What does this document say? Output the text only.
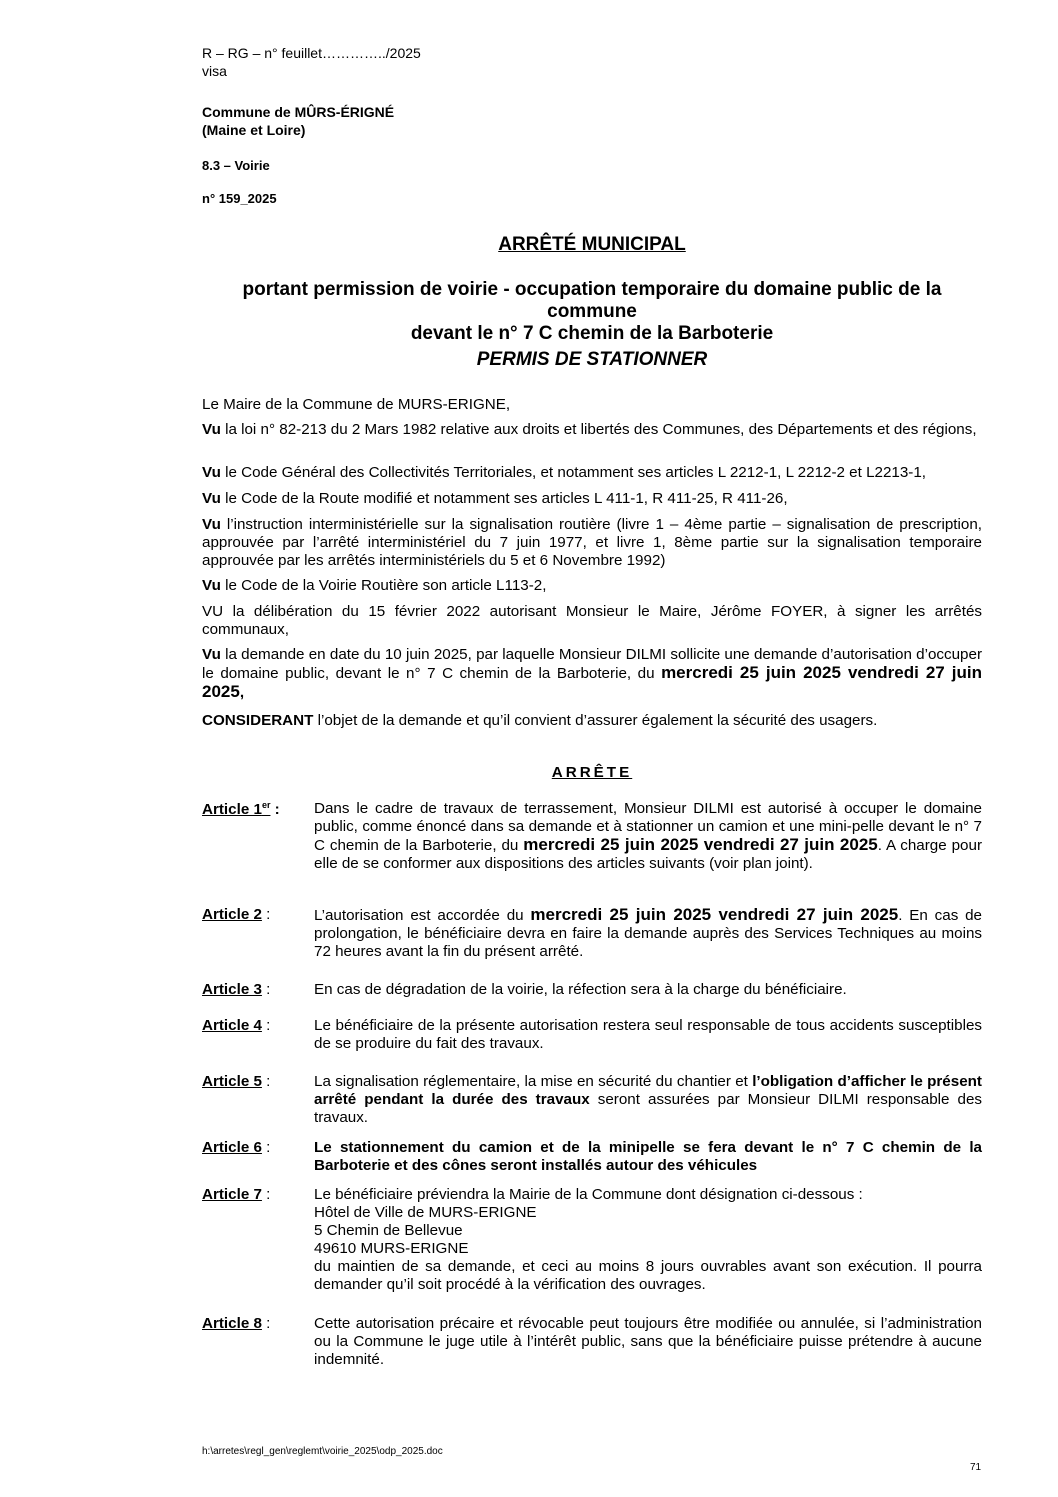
R – RG – n° feuillet…………../2025
visa
Commune de MÛRS-ÉRIGNÉ
(Maine et Loire)
8.3 – Voirie
n° 159_2025
ARRÊTÉ MUNICIPAL
portant permission de voirie - occupation temporaire du domaine public de la commune
devant le n° 7 C chemin de la Barboterie
PERMIS DE STATIONNER
Le Maire de la Commune de MURS-ERIGNE,
Vu la loi n° 82-213 du 2 Mars 1982 relative aux droits et libertés des Communes, des Départements et des régions,
Vu le Code Général des Collectivités Territoriales, et notamment ses articles L 2212-1, L 2212-2 et L2213-1,
Vu le Code de la Route modifié et notamment ses articles L 411-1, R 411-25, R 411-26,
Vu l’instruction interministérielle sur la signalisation routière (livre 1 – 4ème partie – signalisation de prescription, approuvée par l’arrêté interministériel du 7 juin 1977, et livre 1, 8ème partie sur la signalisation temporaire approuvée par les arrêtés interministériels du 5 et 6 Novembre 1992)
Vu le Code de la Voirie Routière son article L113-2,
VU la délibération du 15 février 2022 autorisant Monsieur le Maire, Jérôme FOYER, à signer les arrêtés communaux,
Vu la demande en date du 10 juin 2025, par laquelle Monsieur DILMI sollicite une demande d’autorisation d’occuper le domaine public, devant le n° 7 C chemin de la Barboterie, du mercredi 25 juin 2025 vendredi 27 juin 2025,
CONSIDERANT l’objet de la demande et qu’il convient d’assurer également la sécurité des usagers.
ARRÊTE
Article 1er :	Dans le cadre de travaux de terrassement, Monsieur DILMI est autorisé à occuper le domaine public, comme énoncé dans sa demande et à stationner un camion et une mini-pelle devant le n° 7 C chemin de la Barboterie, du mercredi 25 juin 2025 vendredi 27 juin 2025. A charge pour elle de se conformer aux dispositions des articles suivants (voir plan joint).
Article 2 :	L’autorisation est accordée du mercredi 25 juin 2025 vendredi 27 juin 2025. En cas de prolongation, le bénéficiaire devra en faire la demande auprès des Services Techniques au moins 72 heures avant la fin du présent arrêté.
Article 3 :	En cas de dégradation de la voirie, la réfection sera à la charge du bénéficiaire.
Article 4 :	Le bénéficiaire de la présente autorisation restera seul responsable de tous accidents susceptibles de se produire du fait des travaux.
Article 5 :	La signalisation réglementaire, la mise en sécurité du chantier et l’obligation d’afficher le présent arrêté pendant la durée des travaux seront assurées par Monsieur DILMI responsable des travaux.
Article 6 :	Le stationnement du camion et de la minipelle se fera devant le n° 7 C chemin de la Barboterie et des cônes seront installés autour des véhicules
Article 7 :	Le bénéficiaire préviendra la Mairie de la Commune dont désignation ci-dessous :
Hôtel de Ville de MURS-ERIGNE
5 Chemin de Bellevue
49610 MURS-ERIGNE
du maintien de sa demande, et ceci au moins 8 jours ouvrables avant son exécution. Il pourra demander qu’il soit procédé à la vérification des ouvrages.
Article 8 :	Cette autorisation précaire et révocable peut toujours être modifiée ou annulée, si l’administration ou la Commune le juge utile à l’intérêt public, sans que la bénéficiaire puisse prétendre à aucune indemnité.
h:\arretes\regl_gen\reglemt\voirie_2025\odp_2025.doc
71
